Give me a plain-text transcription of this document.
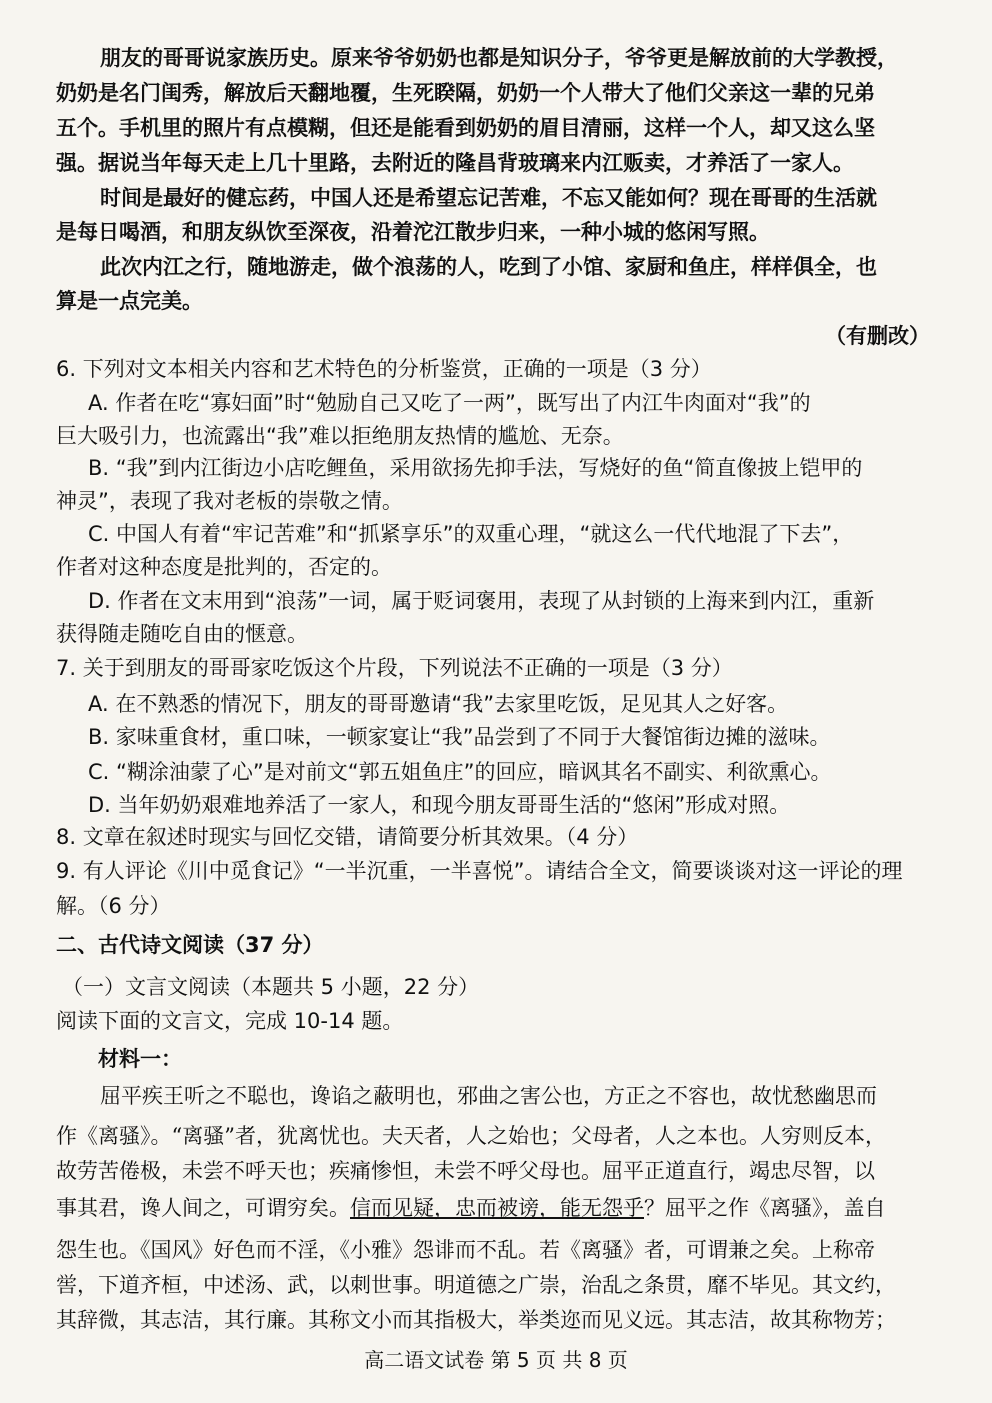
朋友的哥哥说家族历史。原来爷爷奶奶也都是知识分子，爷爷更是解放前的大学教授，
奶奶是名门闺秀，解放后天翻地覆，生死睽隔，奶奶一个人带大了他们父亲这一辈的兄弟
五个。手机里的照片有点模糊，但还是能看到奶奶的眉目清丽，这样一个人，却又这么坚
强。据说当年每天走上几十里路，去附近的隆昌背玻璃来内江贩卖，才养活了一家人。
时间是最好的健忘药，中国人还是希望忘记苦难，不忘又能如何？现在哥哥的生活就
是每日喝酒，和朋友纵饮至深夜，沿着沱江散步归来，一种小城的悠闲写照。
此次内江之行，随地游走，做个浪荡的人，吃到了小馆、家厨和鱼庄，样样俱全，也
算是一点完美。
（有删改）
6. 下列对文本相关内容和艺术特色的分析鉴赏，正确的一项是（3 分）
A. 作者在吃“寡妇面”时“勉励自己又吃了一两”，既写出了内江牛肉面对“我”的
巨大吸引力，也流露出“我”难以拒绝朋友热情的尴尬、无奈。
B. “我”到内江街边小店吃鲤鱼，采用欲扬先抑手法，写烧好的鱼“简直像披上铠甲的
神灵”，表现了我对老板的崇敬之情。
C. 中国人有着“牢记苦难”和“抓紧享乐”的双重心理，“就这么一代代地混了下去”，
作者对这种态度是批判的，否定的。
D. 作者在文末用到“浪荡”一词，属于贬词褒用，表现了从封锁的上海来到内江，重新
获得随走随吃自由的惬意。
7. 关于到朋友的哥哥家吃饭这个片段，下列说法不正确的一项是（3 分）
A. 在不熟悉的情况下，朋友的哥哥邀请“我”去家里吃饭，足见其人之好客。
B. 家味重食材，重口味，一顿家宴让“我”品尝到了不同于大餐馆街边摊的滋味。
C. “糊涂油蒙了心”是对前文“郭五姐鱼庄”的回应，暗讽其名不副实、利欲熏心。
D. 当年奶奶艰难地养活了一家人，和现今朋友哥哥生活的“悠闲”形成对照。
8. 文章在叙述时现实与回忆交错，请简要分析其效果。（4 分）
9. 有人评论《川中觅食记》“一半沉重，一半喜悦”。请结合全文，简要谈谈对这一评论的理
解。（6 分）
二、古代诗文阅读（37 分）
（一）文言文阅读（本题共 5 小题，22 分）
阅读下面的文言文，完成 10-14 题。
材料一：
屈平疾王听之不聪也，谗谄之蔽明也，邪曲之害公也，方正之不容也，故忧愁幽思而
作《离骚》。“离骚”者，犹离忧也。夫天者，人之始也；父母者，人之本也。人穷则反本，
故劳苦倦极，未尝不呼天也；疾痛惨怛，未尝不呼父母也。屈平正道直行，竭忠尽智，以
事其君，谗人间之，可谓穷矣。信而见疑，忠而被谤，能无怨乎？屈平之作《离骚》，盖自
怨生也。《国风》好色而不淫，《小雅》怨诽而不乱。若《离骚》者，可谓兼之矣。上称帝
喾，下道齐桓，中述汤、武，以刺世事。明道德之广崇，治乱之条贯，靡不毕见。其文约，
其辞微，其志洁，其行廉。其称文小而其指极大，举类迩而见义远。其志洁，故其称物芳；
高二语文试卷 第 5 页 共 8 页
